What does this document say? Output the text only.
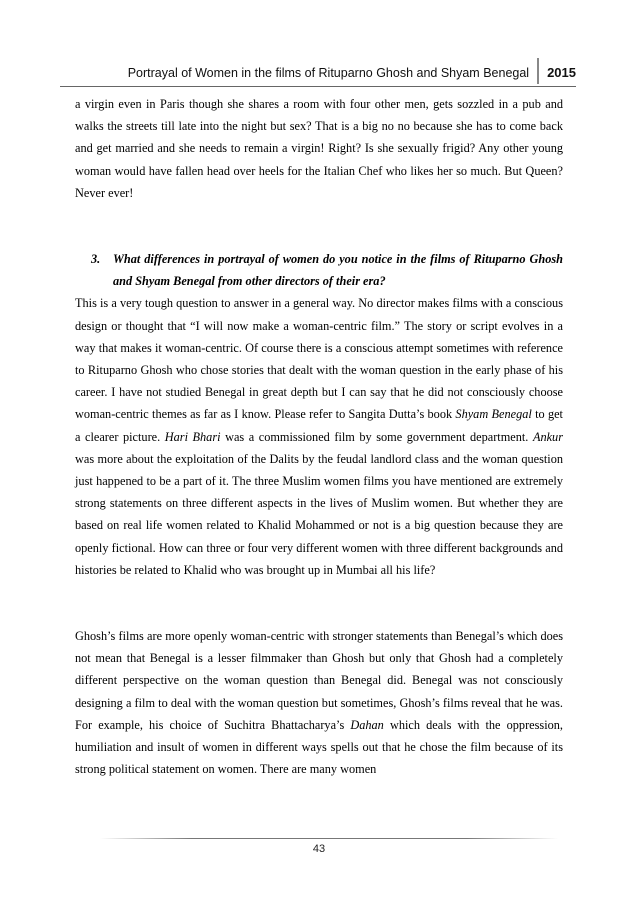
Portrayal of Women in the films of Rituparno Ghosh and Shyam Benegal	2015

a virgin even in Paris though she shares a room with four other men, gets sozzled in a pub and walks the streets till late into the night but sex? That is a big no no because she has to come back and get married and she needs to remain a virgin! Right? Is she sexually frigid? Any other young woman would have fallen head over heels for the Italian Chef who likes her so much. But Queen? Never ever!

3.	What differences in portrayal of women do you notice in the films of Rituparno Ghosh and Shyam Benegal from other directors of their era?

This is a very tough question to answer in a general way. No director makes films with a conscious design or thought that “I will now make a woman-centric film.” The story or script evolves in a way that makes it woman-centric. Of course there is a conscious attempt sometimes with reference to Rituparno Ghosh who chose stories that dealt with the woman question in the early phase of his career. I have not studied Benegal in great depth but I can say that he did not consciously choose woman-centric themes as far as I know. Please refer to Sangita Dutta’s book Shyam Benegal to get a clearer picture. Hari Bhari was a commissioned film by some government department. Ankur was more about the exploitation of the Dalits by the feudal landlord class and the woman question just happened to be a part of it. The three Muslim women films you have mentioned are extremely strong statements on three different aspects in the lives of Muslim women. But whether they are based on real life women related to Khalid Mohammed or not is a big question because they are openly fictional. How can three or four very different women with three different backgrounds and histories be related to Khalid who was brought up in Mumbai all his life?

Ghosh’s films are more openly woman-centric with stronger statements than Benegal’s which does not mean that Benegal is a lesser filmmaker than Ghosh but only that Ghosh had a completely different perspective on the woman question than Benegal did. Benegal was not consciously designing a film to deal with the woman question but sometimes, Ghosh’s films reveal that he was. For example, his choice of Suchitra Bhattacharya’s Dahan which deals with the oppression, humiliation and insult of women in different ways spells out that he chose the film because of its strong political statement on women. There are many women

43
